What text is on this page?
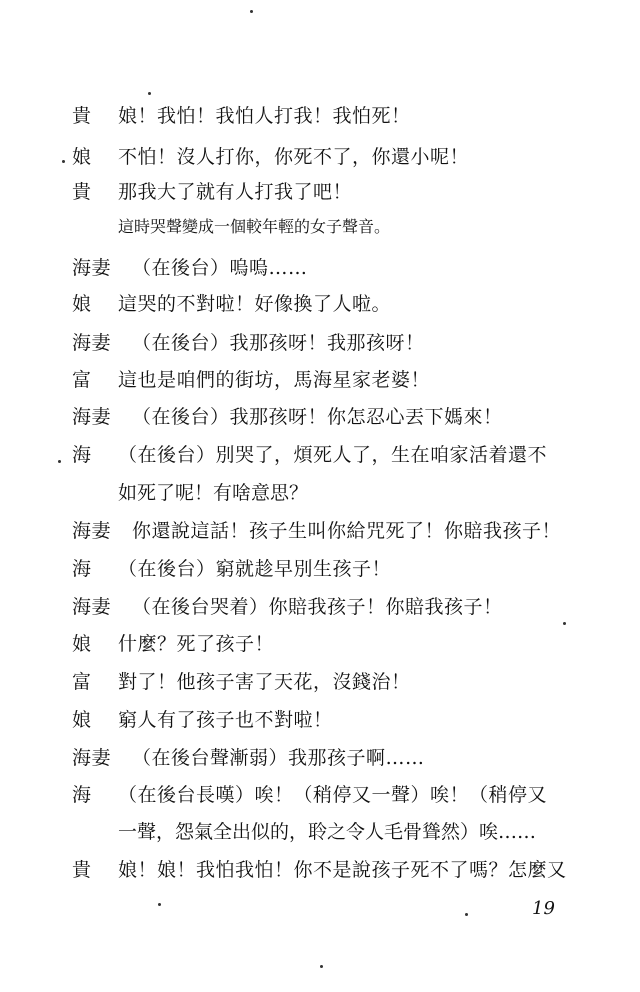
貴 娘！我怕！我怕人打我！我怕死！
娘 不怕！沒人打你，你死不了，你還小呢！
貴 那我大了就有人打我了吧！
這時哭聲變成一個較年輕的女子聲音。
海妻 （在後台）嗚嗚……
娘 這哭的不對啦！好像換了人啦。
海妻 （在後台）我那孩呀！我那孩呀！
富 這也是咱們的街坊，馬海星家老婆！
海妻 （在後台）我那孩呀！你怎忍心丟下媽來！
海 （在後台）別哭了，煩死人了，生在咱家活着還不
如死了呢！有啥意思？
海妻 你還說這話！孩子生叫你給咒死了！你賠我孩子！
海 （在後台）窮就趁早別生孩子！
海妻 （在後台哭着）你賠我孩子！你賠我孩子！
娘 什麼？死了孩子！
富 對了！他孩子害了天花，沒錢治！
娘 窮人有了孩子也不對啦！
海妻 （在後台聲漸弱）我那孩子啊……
海 （在後台長嘆）唉！（稍停又一聲）唉！（稍停又
一聲，怨氣全出似的，聆之令人毛骨聳然）唉……
貴 娘！娘！我怕我怕！你不是說孩子死不了嗎？怎麼又
19
